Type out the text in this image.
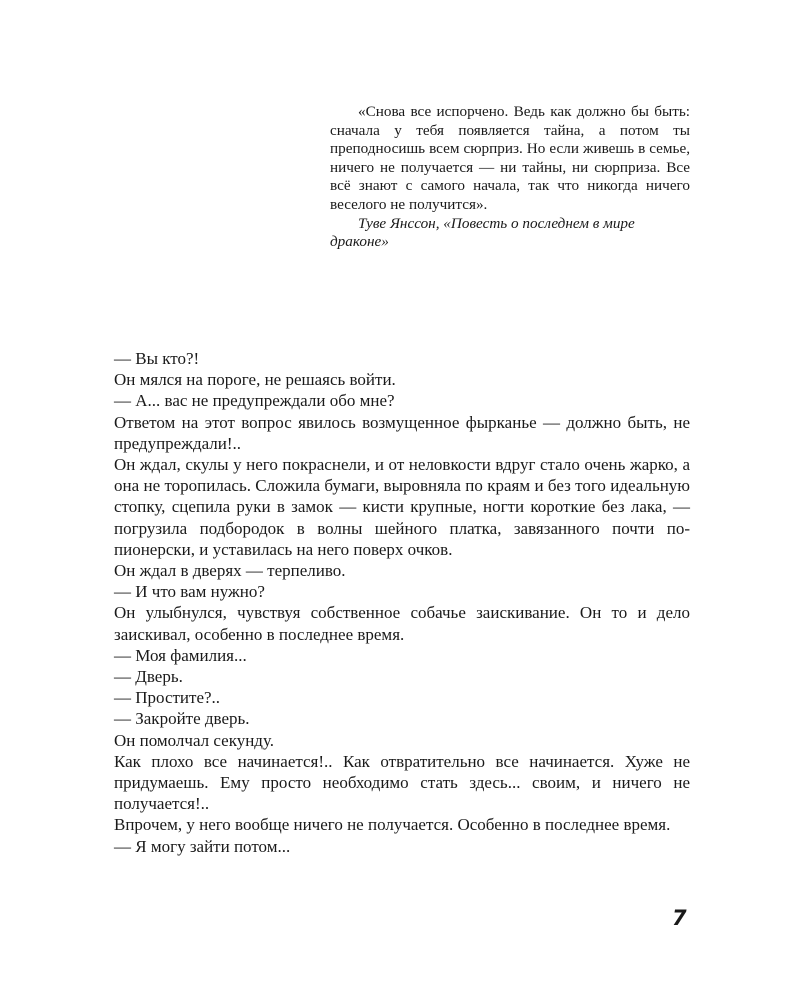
«Снова все испорчено. Ведь как должно бы быть: сначала у тебя появляется тайна, а потом ты преподносишь всем сюрприз. Но если живешь в семье, ничего не получается — ни тайны, ни сюрприза. Все всё знают с самого начала, так что никогда ничего веселого не получится».

Туве Янссон, «Повесть о последнем в мире драконе»

— Вы кто?!

Он мялся на пороге, не решаясь войти.

— А... вас не предупреждали обо мне?

Ответом на этот вопрос явилось возмущенное фырканье — должно быть, не предупреждали!..

Он ждал, скулы у него покраснели, и от неловкости вдруг стало очень жарко, а она не торопилась. Сложила бумаги, выровняла по краям и без того идеальную стопку, сцепила руки в замок — кисти крупные, ногти короткие без лака, — погрузила подбородок в волны шейного платка, завязанного почти по-пионерски, и уставилась на него поверх очков.

Он ждал в дверях — терпеливо.

— И что вам нужно?

Он улыбнулся, чувствуя собственное собачье заискивание. Он то и дело заискивал, особенно в последнее время.

— Моя фамилия...

— Дверь.

— Простите?..

— Закройте дверь.

Он помолчал секунду.

Как плохо все начинается!.. Как отвратительно все начинается. Хуже не придумаешь. Ему просто необходимо стать здесь... своим, и ничего не получается!..

Впрочем, у него вообще ничего не получается. Особенно в последнее время.

— Я могу зайти потом...

7
